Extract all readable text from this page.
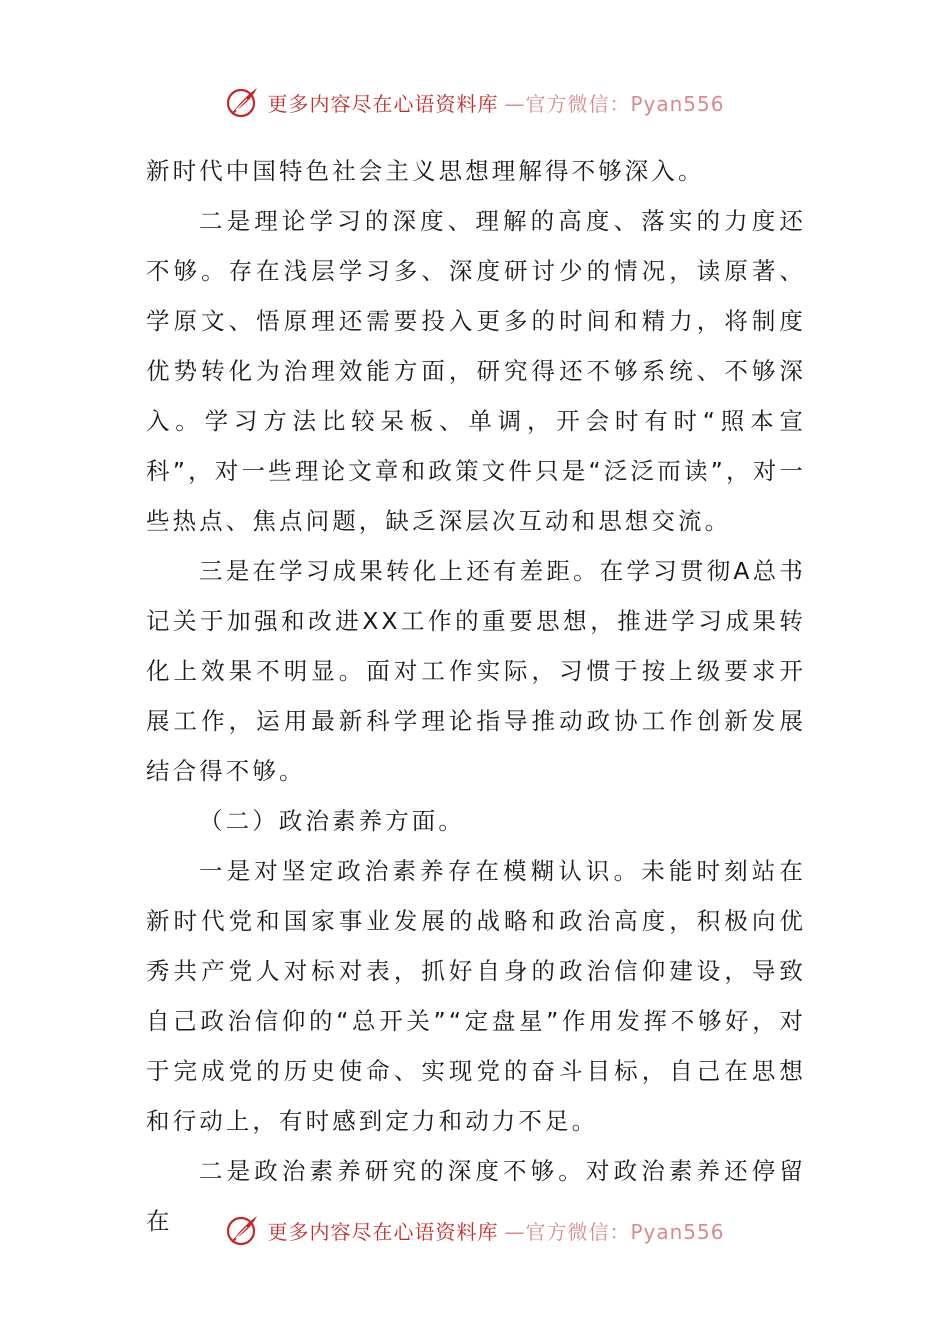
更多内容尽在心语资料库 —官方微信：Pyan556

新时代中国特色社会主义思想理解得不够深入。

二是理论学习的深度、理解的高度、落实的力度还不够。存在浅层学习多、深度研讨少的情况，读原著、学原文、悟原理还需要投入更多的时间和精力，将制度优势转化为治理效能方面，研究得还不够系统、不够深入。学习方法比较呆板、单调，开会时有时“照本宣科”，对一些理论文章和政策文件只是“泛泛而读”，对一些热点、焦点问题，缺乏深层次互动和思想交流。

三是在学习成果转化上还有差距。在学习贯彻A总书记关于加强和改进XX工作的重要思想，推进学习成果转化上效果不明显。面对工作实际，习惯于按上级要求开展工作，运用最新科学理论指导推动政协工作创新发展结合得不够。

（二）政治素养方面。

一是对坚定政治素养存在模糊认识。未能时刻站在新时代党和国家事业发展的战略和政治高度，积极向优秀共产党人对标对表，抓好自身的政治信仰建设，导致自己政治信仰的“总开关”“定盘星”作用发挥不够好，对于完成党的历史使命、实现党的奋斗目标，自己在思想和行动上，有时感到定力和动力不足。

二是政治素养研究的深度不够。对政治素养还停留在	更多内容尽在心语资料库 —官方微信：Pyan556
